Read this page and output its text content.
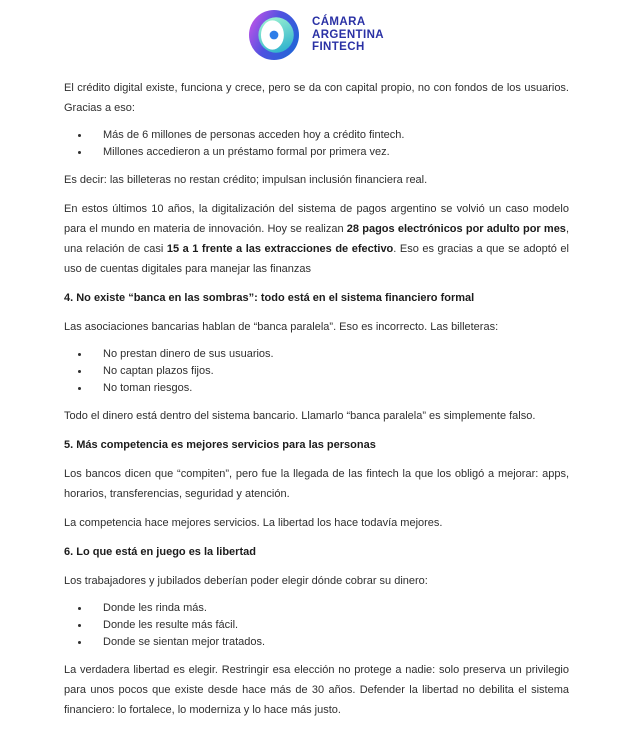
CÁMARA
ARGENTINA
FINTECH

El crédito digital existe, funciona y crece, pero se da con capital propio, no con fondos de los usuarios. Gracias a eso:

• Más de 6 millones de personas acceden hoy a crédito fintech.
• Millones accedieron a un préstamo formal por primera vez.

Es decir: las billeteras no restan crédito; impulsan inclusión financiera real.

En estos últimos 10 años, la digitalización del sistema de pagos argentino se volvió un caso modelo para el mundo en materia de innovación. Hoy se realizan 28 pagos electrónicos por adulto por mes, una relación de casi 15 a 1 frente a las extracciones de efectivo. Eso es gracias a que se adoptó el uso de cuentas digitales para manejar las finanzas

4. No existe “banca en las sombras”: todo está en el sistema financiero formal

Las asociaciones bancarias hablan de “banca paralela”. Eso es incorrecto. Las billeteras:

• No prestan dinero de sus usuarios.
• No captan plazos fijos.
• No toman riesgos.

Todo el dinero está dentro del sistema bancario. Llamarlo “banca paralela” es simplemente falso.

5. Más competencia es mejores servicios para las personas

Los bancos dicen que “compiten”, pero fue la llegada de las fintech la que los obligó a mejorar: apps, horarios, transferencias, seguridad y atención.

La competencia hace mejores servicios. La libertad los hace todavía mejores.

6. Lo que está en juego es la libertad

Los trabajadores y jubilados deberían poder elegir dónde cobrar su dinero:

• Donde les rinda más.
• Donde les resulte más fácil.
• Donde se sientan mejor tratados.

La verdadera libertad es elegir. Restringir esa elección no protege a nadie: solo preserva un privilegio para unos pocos que existe desde hace más de 30 años. Defender la libertad no debilita el sistema financiero: lo fortalece, lo moderniza y lo hace más justo.
